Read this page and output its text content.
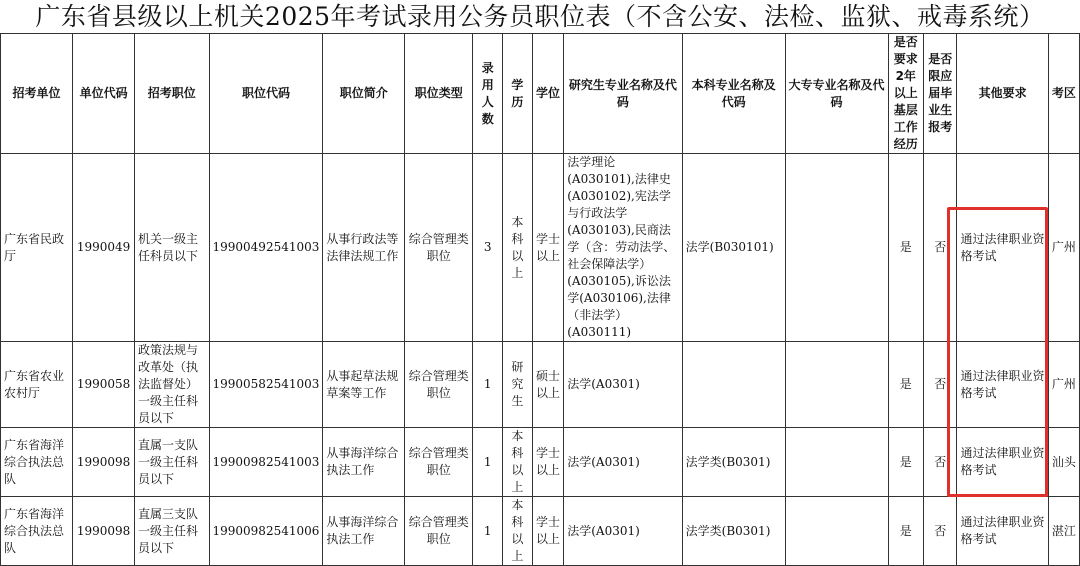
广东省县级以上机关2025年考试录用公务员职位表（不含公安、法检、监狱、戒毒系统）
招考单位	单位代码	招考职位	职位代码	职位简介	职位类型	录用人数	学历	学位	研究生专业名称及代码	本科专业名称及代码	大专专业名称及代码	是否要求2年以上基层工作经历	是否限应届毕业生报考	其他要求	考区
广东省民政厅	1990049	机关一级主任科员以下	19900492541003	从事行政法等法律法规工作	综合管理类职位	3	本科以上	学士以上	法学理论(A030101),法律史(A030102),宪法学与行政法学(A030103),民商法学（含：劳动法学、社会保障法学）(A030105),诉讼法学(A030106),法律（非法学）(A030111)	法学(B030101)		是	否	通过法律职业资格考试	广州
广东省农业农村厅	1990058	政策法规与改革处（执法监督处）一级主任科员以下	19900582541003	从事起草法规草案等工作	综合管理类职位	1	研究生	硕士以上	法学(A0301)			是	否	通过法律职业资格考试	广州
广东省海洋综合执法总队	1990098	直属一支队一级主任科员以下	19900982541003	从事海洋综合执法工作	综合管理类职位	1	本科以上	学士以上	法学(A0301)	法学类(B0301)		是	否	通过法律职业资格考试	汕头
广东省海洋综合执法总队	1990098	直属三支队一级主任科员以下	19900982541006	从事海洋综合执法工作	综合管理类职位	1	本科以上	学士以上	法学(A0301)	法学类(B0301)		是	否	通过法律职业资格考试	湛江
